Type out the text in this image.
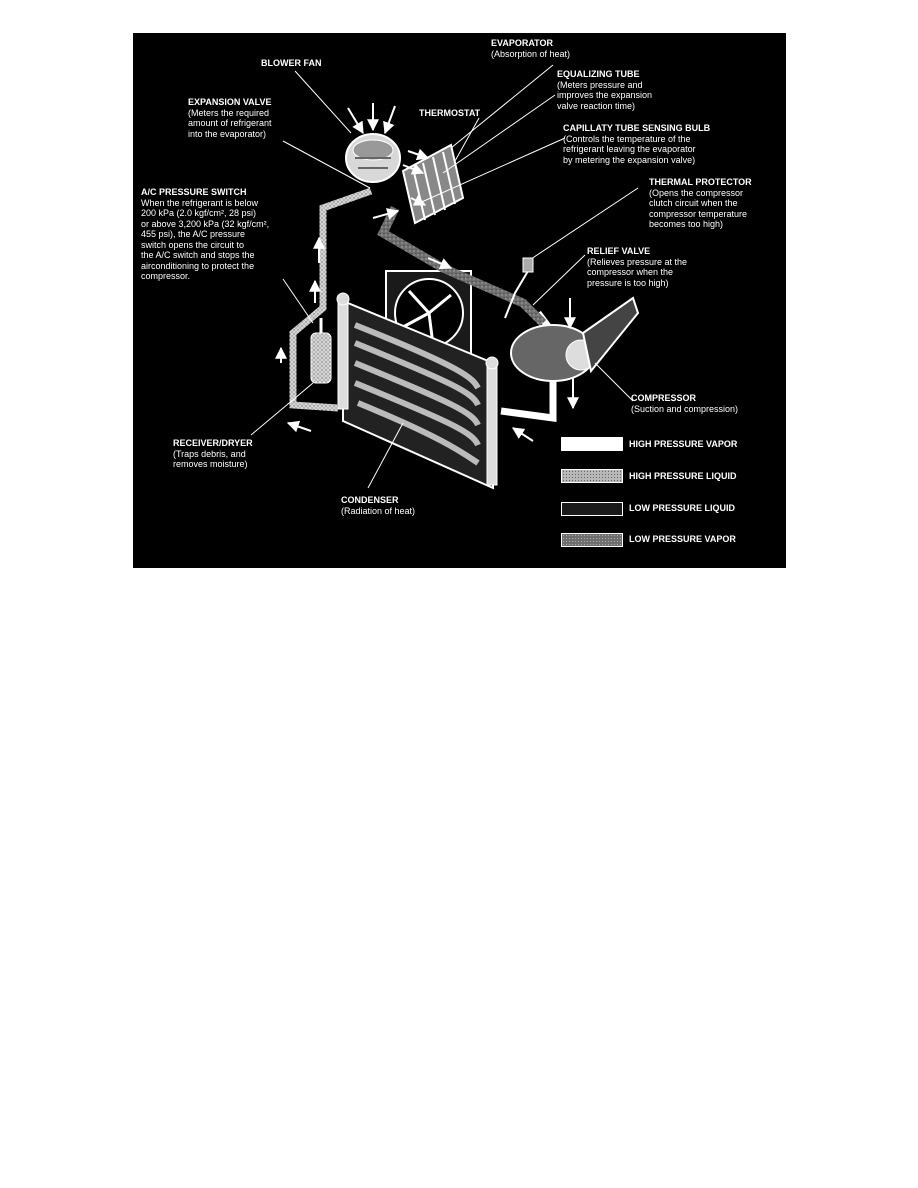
EVAPORATOR
(Absorption of heat)
BLOWER FAN
EQUALIZING TUBE
(Meters pressure and
improves the expansion
valve reaction time)
EXPANSION VALVE
(Meters the required
amount of refrigerant
into the evaporator)
THERMOSTAT
CAPILLATY TUBE SENSING BULB
(Controls the temperature of the
refrigerant leaving the evaporator
by metering the expansion valve)
A/C PRESSURE SWITCH
When the refrigerant is below
200 kPa (2.0 kgf/cm², 28 psi)
or above 3,200 kPa (32 kgf/cm²,
455 psi), the A/C pressure
switch opens the circuit to
the A/C switch and stops the
airconditioning to protect the
compressor.
THERMAL PROTECTOR
(Opens the compressor
clutch circuit when the
compressor temperature
becomes too high)
RELIEF VALVE
(Relieves pressure at the
compressor when the
pressure is too high)
COMPRESSOR
(Suction and compression)
RECEIVER/DRYER
(Traps debris, and
removes moisture)
CONDENSER
(Radiation of heat)
HIGH PRESSURE VAPOR
HIGH PRESSURE LIQUID
LOW PRESSURE LIQUID
LOW PRESSURE VAPOR
